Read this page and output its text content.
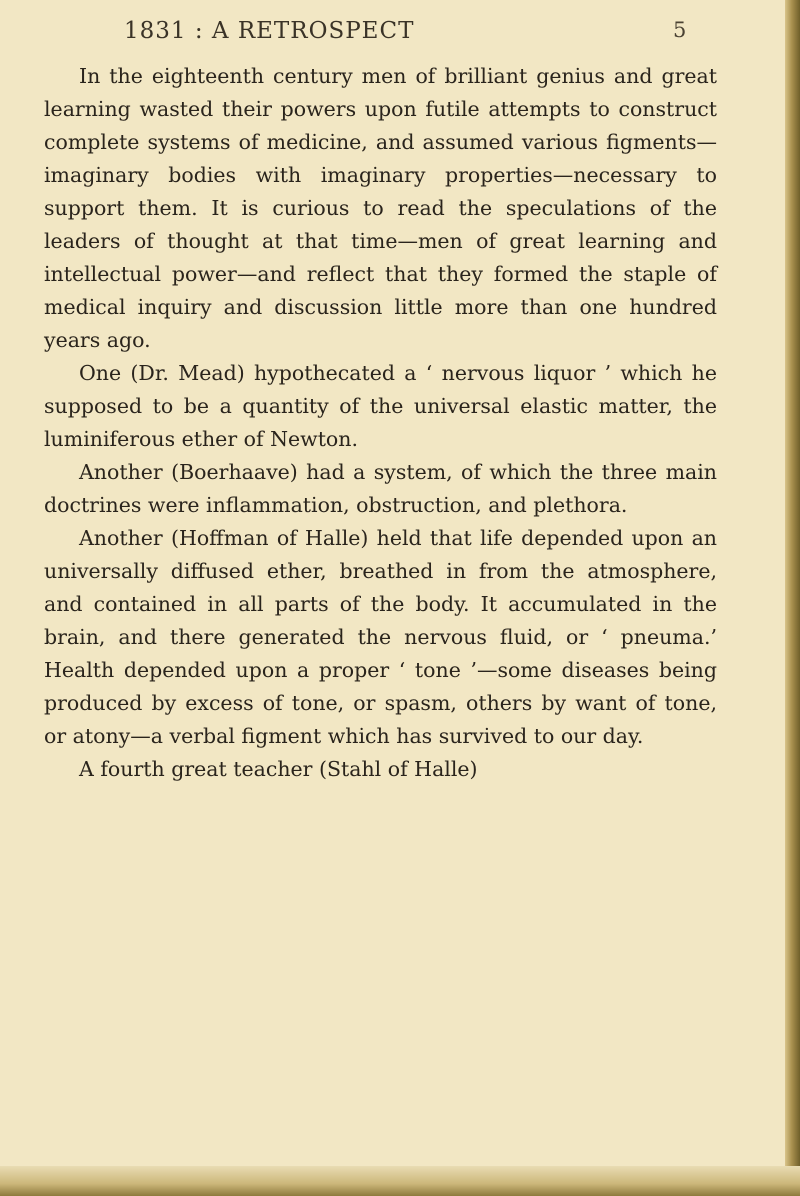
1831 : A RETROSPECT	5

In the eighteenth century men of brilliant genius and great learning wasted their powers upon futile attempts to construct complete systems of medicine, and assumed various figments—imaginary bodies with imaginary properties—necessary to support them. It is curious to read the speculations of the leaders of thought at that time—men of great learning and intellectual power—and reflect that they formed the staple of medical inquiry and discussion little more than one hundred years ago.

One (Dr. Mead) hypothecated a ‘ nervous liquor ’ which he supposed to be a quantity of the universal elastic matter, the luminiferous ether of Newton.

Another (Boerhaave) had a system, of which the three main doctrines were inflammation, obstruction, and plethora.

Another (Hoffman of Halle) held that life depended upon an universally diffused ether, breathed in from the atmosphere, and contained in all parts of the body. It accumulated in the brain, and there generated the nervous fluid, or ‘ pneuma.’ Health depended upon a proper ‘ tone ’—some diseases being produced by excess of tone, or spasm, others by want of tone, or atony—a verbal figment which has survived to our day.

A fourth great teacher (Stahl of Halle)
